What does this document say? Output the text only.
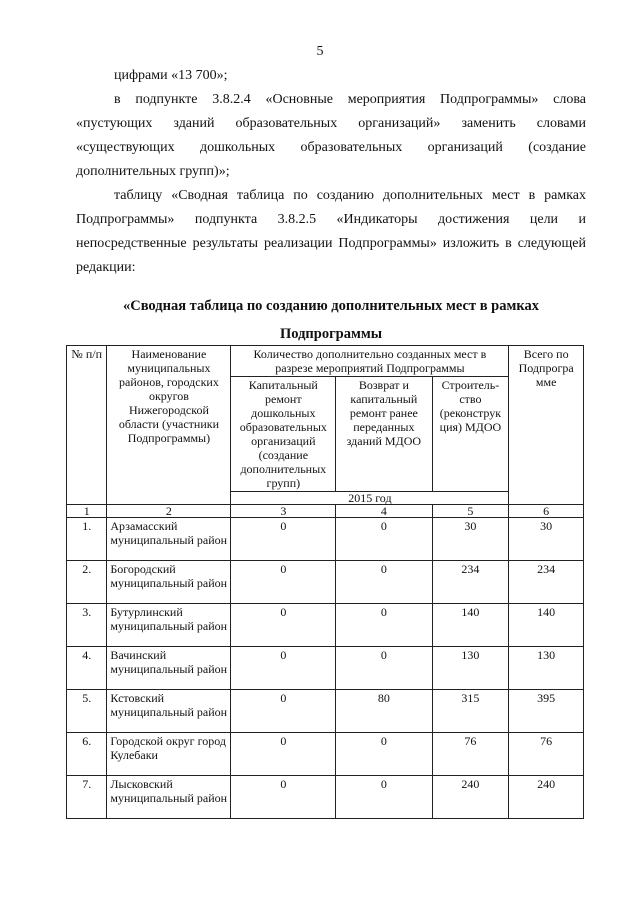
5
цифрами «13 700»;
в подпункте 3.8.2.4 «Основные мероприятия Подпрограммы» слова «пустующих зданий образовательных организаций» заменить словами «существующих дошкольных образовательных организаций (создание дополнительных групп)»;
таблицу «Сводная таблица по созданию дополнительных мест в рамках Подпрограммы» подпункта 3.8.2.5 «Индикаторы достижения цели и непосредственные результаты реализации Подпрограммы» изложить в следующей редакции:
«Сводная таблица по созданию дополнительных мест в рамках
Подпрограммы
№ п/п	Наименование муниципальных районов, городских округов Нижегородской области (участники Подпрограммы)	Количество дополнительно созданных мест в разрезе мероприятий Подпрограммы			Всего по Подпрогра мме
		Капитальный ремонт дошкольных образовательных организаций (создание дополнительных групп)	Возврат и капитальный ремонт ранее переданных зданий МДОО	Строитель-ство (реконструк ция) МДОО	
		2015 год			
1	2	3	4	5	6
1.	Арзамасский муниципальный район	0	0	30	30
2.	Богородский муниципальный район	0	0	234	234
3.	Бутурлинский муниципальный район	0	0	140	140
4.	Вачинский муниципальный район	0	0	130	130
5.	Кстовский муниципальный район	0	80	315	395
6.	Городской округ город Кулебаки	0	0	76	76
7.	Лысковский муниципальный район	0	0	240	240
